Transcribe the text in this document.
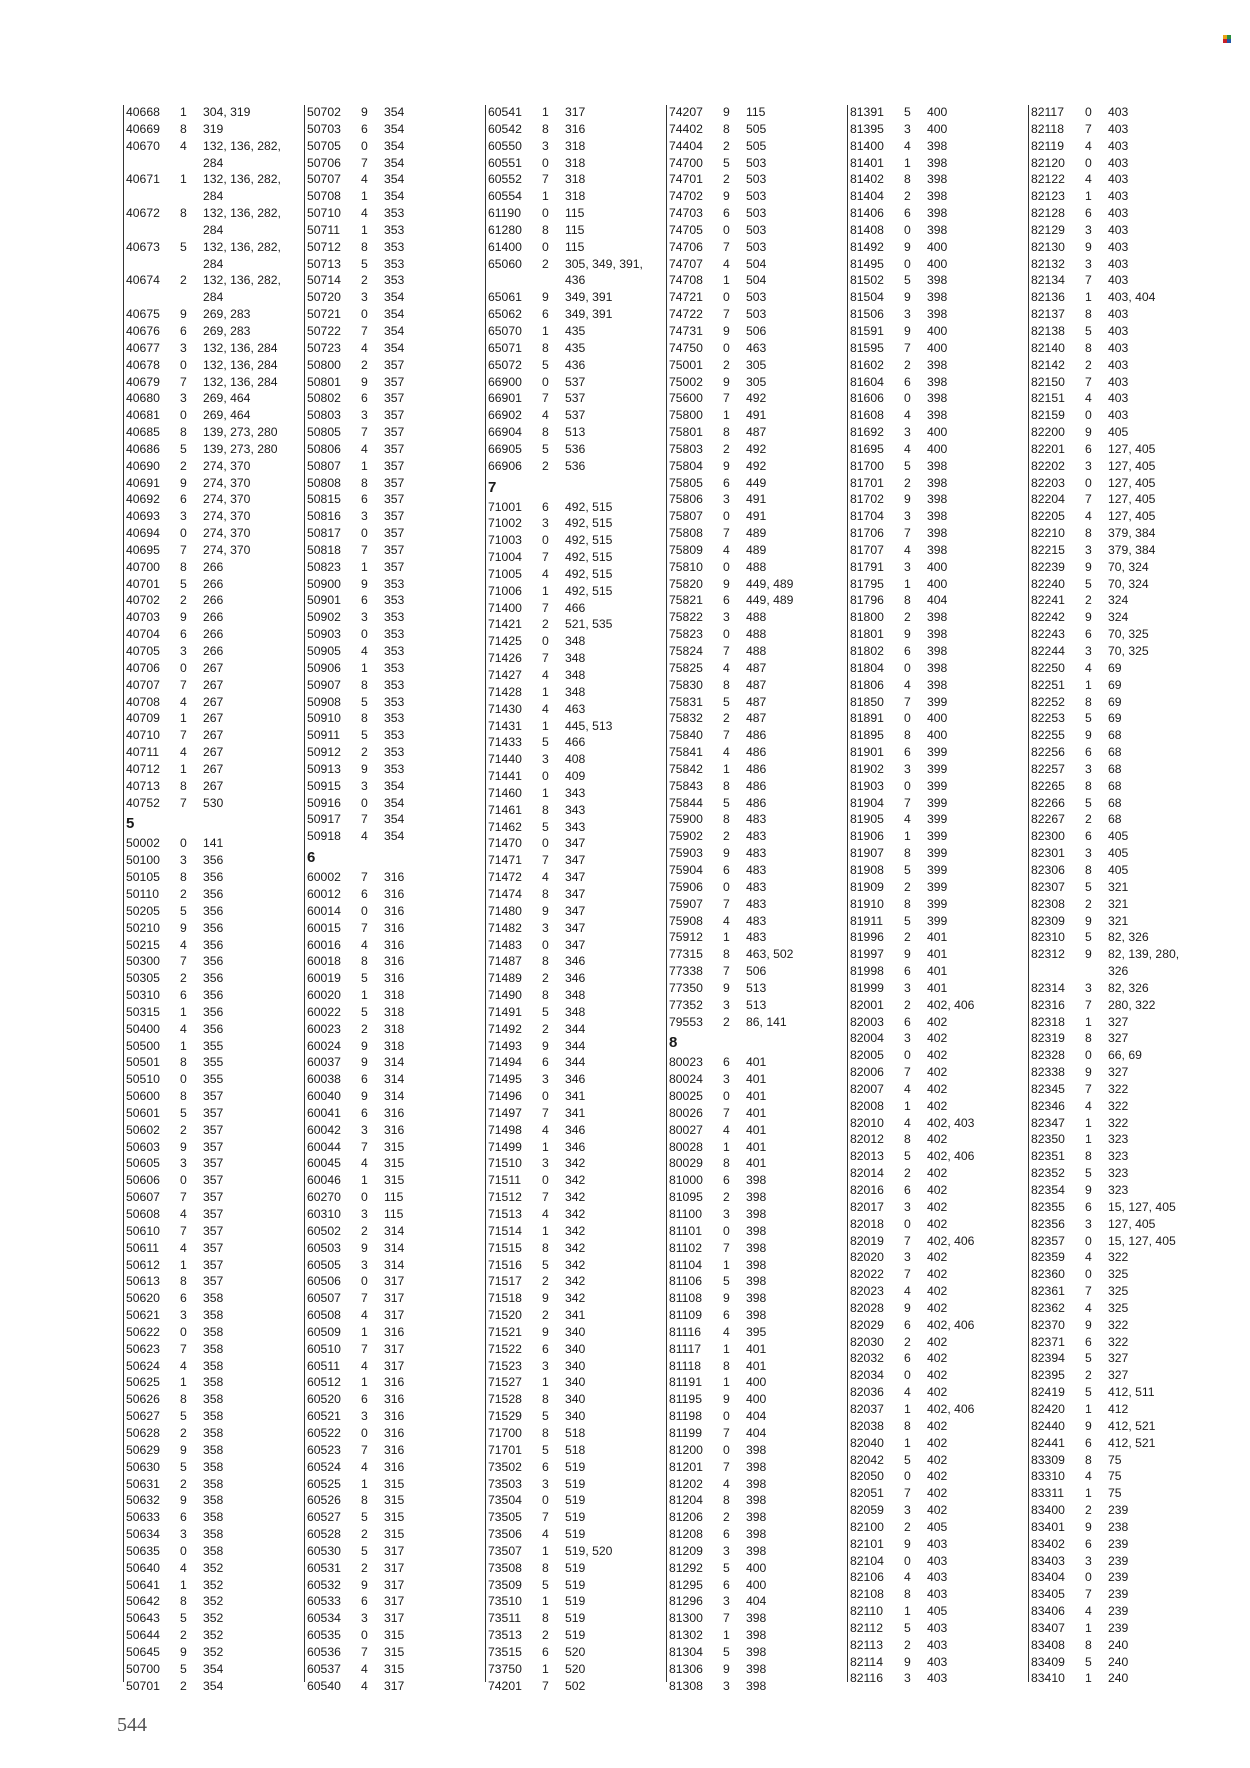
40668	1	304, 319
40669	8	319
40670	4	132, 136, 282, 284
40671	1	132, 136, 282, 284
40672	8	132, 136, 282, 284
40673	5	132, 136, 282, 284
40674	2	132, 136, 282, 284
40675	9	269, 283
40676	6	269, 283
40677	3	132, 136, 284
40678	0	132, 136, 284
40679	7	132, 136, 284
40680	3	269, 464
40681	0	269, 464
40685	8	139, 273, 280
40686	5	139, 273, 280
40690	2	274, 370
40691	9	274, 370
40692	6	274, 370
40693	3	274, 370
40694	0	274, 370
40695	7	274, 370
40700	8	266
40701	5	266
40702	2	266
40703	9	266
40704	6	266
40705	3	266
40706	0	267
40707	7	267
40708	4	267
40709	1	267
40710	7	267
40711	4	267
40712	1	267
40713	8	267
40752	7	530
5
50002	0	141
50100	3	356
50105	8	356
50110	2	356
50205	5	356
50210	9	356
50215	4	356
50300	7	356
50305	2	356
50310	6	356
50315	1	356
50400	4	356
50500	1	355
50501	8	355
50510	0	355
50600	8	357
50601	5	357
50602	2	357
50603	9	357
50605	3	357
50606	0	357
50607	7	357
50608	4	357
50610	7	357
50611	4	357
50612	1	357
50613	8	357
50620	6	358
50621	3	358
50622	0	358
50623	7	358
50624	4	358
50625	1	358
50626	8	358
50627	5	358
50628	2	358
50629	9	358
50630	5	358
50631	2	358
50632	9	358
50633	6	358
50634	3	358
50635	0	358
50640	4	352
50641	1	352
50642	8	352
50643	5	352
50644	2	352
50645	9	352
50700	5	354
50701	2	354
50702	9	354
50703	6	354
50705	0	354
50706	7	354
50707	4	354
50708	1	354
50710	4	353
50711	1	353
50712	8	353
50713	5	353
50714	2	353
50720	3	354
50721	0	354
50722	7	354
50723	4	354
50800	2	357
50801	9	357
50802	6	357
50803	3	357
50805	7	357
50806	4	357
50807	1	357
50808	8	357
50815	6	357
50816	3	357
50817	0	357
50818	7	357
50823	1	357
50900	9	353
50901	6	353
50902	3	353
50903	0	353
50905	4	353
50906	1	353
50907	8	353
50908	5	353
50910	8	353
50911	5	353
50912	2	353
50913	9	353
50915	3	354
50916	0	354
50917	7	354
50918	4	354
6
60002	7	316
60012	6	316
60014	0	316
60015	7	316
60016	4	316
60018	8	316
60019	5	316
60020	1	318
60022	5	318
60023	2	318
60024	9	318
60037	9	314
60038	6	314
60040	9	314
60041	6	316
60042	3	316
60044	7	315
60045	4	315
60046	1	315
60270	0	115
60310	3	115
60502	2	314
60503	9	314
60505	3	314
60506	0	317
60507	7	317
60508	4	317
60509	1	316
60510	7	317
60511	4	317
60512	1	316
60520	6	316
60521	3	316
60522	0	316
60523	7	316
60524	4	316
60525	1	315
60526	8	315
60527	5	315
60528	2	315
60530	5	317
60531	2	317
60532	9	317
60533	6	317
60534	3	317
60535	0	315
60536	7	315
60537	4	315
60540	4	317
60541	1	317
60542	8	316
60550	3	318
60551	0	318
60552	7	318
60554	1	318
61190	0	115
61280	8	115
61400	0	115
65060	2	305, 349, 391, 436
65061	9	349, 391
65062	6	349, 391
65070	1	435
65071	8	435
65072	5	436
66900	0	537
66901	7	537
66902	4	537
66904	8	513
66905	5	536
66906	2	536
7
71001	6	492, 515
71002	3	492, 515
71003	0	492, 515
71004	7	492, 515
71005	4	492, 515
71006	1	492, 515
71400	7	466
71421	2	521, 535
71425	0	348
71426	7	348
71427	4	348
71428	1	348
71430	4	463
71431	1	445, 513
71433	5	466
71440	3	408
71441	0	409
71460	1	343
71461	8	343
71462	5	343
71470	0	347
71471	7	347
71472	4	347
71474	8	347
71480	9	347
71482	3	347
71483	0	347
71487	8	346
71489	2	346
71490	8	348
71491	5	348
71492	2	344
71493	9	344
71494	6	344
71495	3	346
71496	0	341
71497	7	341
71498	4	346
71499	1	346
71510	3	342
71511	0	342
71512	7	342
71513	4	342
71514	1	342
71515	8	342
71516	5	342
71517	2	342
71518	9	342
71520	2	341
71521	9	340
71522	6	340
71523	3	340
71527	1	340
71528	8	340
71529	5	340
71700	8	518
71701	5	518
73502	6	519
73503	3	519
73504	0	519
73505	7	519
73506	4	519
73507	1	519, 520
73508	8	519
73509	5	519
73510	1	519
73511	8	519
73513	2	519
73515	6	520
73750	1	520
74201	7	502
74207	9	115
74402	8	505
74404	2	505
74700	5	503
74701	2	503
74702	9	503
74703	6	503
74705	0	503
74706	7	503
74707	4	504
74708	1	504
74721	0	503
74722	7	503
74731	9	506
74750	0	463
75001	2	305
75002	9	305
75600	7	492
75800	1	491
75801	8	487
75803	2	492
75804	9	492
75805	6	449
75806	3	491
75807	0	491
75808	7	489
75809	4	489
75810	0	488
75820	9	449, 489
75821	6	449, 489
75822	3	488
75823	0	488
75824	7	488
75825	4	487
75830	8	487
75831	5	487
75832	2	487
75840	7	486
75841	4	486
75842	1	486
75843	8	486
75844	5	486
75900	8	483
75902	2	483
75903	9	483
75904	6	483
75906	0	483
75907	7	483
75908	4	483
75912	1	483
77315	8	463, 502
77338	7	506
77350	9	513
77352	3	513
79553	2	86, 141
8
80023	6	401
80024	3	401
80025	0	401
80026	7	401
80027	4	401
80028	1	401
80029	8	401
81000	6	398
81095	2	398
81100	3	398
81101	0	398
81102	7	398
81104	1	398
81106	5	398
81108	9	398
81109	6	398
81116	4	395
81117	1	401
81118	8	401
81191	1	400
81195	9	400
81198	0	404
81199	7	404
81200	0	398
81201	7	398
81202	4	398
81204	8	398
81206	2	398
81208	6	398
81209	3	398
81292	5	400
81295	6	400
81296	3	404
81300	7	398
81302	1	398
81304	5	398
81306	9	398
81308	3	398
81391	5	400
81395	3	400
81400	4	398
81401	1	398
81402	8	398
81404	2	398
81406	6	398
81408	0	398
81492	9	400
81495	0	400
81502	5	398
81504	9	398
81506	3	398
81591	9	400
81595	7	400
81602	2	398
81604	6	398
81606	0	398
81608	4	398
81692	3	400
81695	4	400
81700	5	398
81701	2	398
81702	9	398
81704	3	398
81706	7	398
81707	4	398
81791	3	400
81795	1	400
81796	8	404
81800	2	398
81801	9	398
81802	6	398
81804	0	398
81806	4	398
81850	7	399
81891	0	400
81895	8	400
81901	6	399
81902	3	399
81903	0	399
81904	7	399
81905	4	399
81906	1	399
81907	8	399
81908	5	399
81909	2	399
81910	8	399
81911	5	399
81996	2	401
81997	9	401
81998	6	401
81999	3	401
82001	2	402, 406
82003	6	402
82004	3	402
82005	0	402
82006	7	402
82007	4	402
82008	1	402
82010	4	402, 403
82012	8	402
82013	5	402, 406
82014	2	402
82016	6	402
82017	3	402
82018	0	402
82019	7	402, 406
82020	3	402
82022	7	402
82023	4	402
82028	9	402
82029	6	402, 406
82030	2	402
82032	6	402
82034	0	402
82036	4	402
82037	1	402, 406
82038	8	402
82040	1	402
82042	5	402
82050	0	402
82051	7	402
82059	3	402
82100	2	405
82101	9	403
82104	0	403
82106	4	403
82108	8	403
82110	1	405
82112	5	403
82113	2	403
82114	9	403
82116	3	403
82117	0	403
82118	7	403
82119	4	403
82120	0	403
82122	4	403
82123	1	403
82128	6	403
82129	3	403
82130	9	403
82132	3	403
82134	7	403
82136	1	403, 404
82137	8	403
82138	5	403
82140	8	403
82142	2	403
82150	7	403
82151	4	403
82159	0	403
82200	9	405
82201	6	127, 405
82202	3	127, 405
82203	0	127, 405
82204	7	127, 405
82205	4	127, 405
82210	8	379, 384
82215	3	379, 384
82239	9	70, 324
82240	5	70, 324
82241	2	324
82242	9	324
82243	6	70, 325
82244	3	70, 325
82250	4	69
82251	1	69
82252	8	69
82253	5	69
82255	9	68
82256	6	68
82257	3	68
82265	8	68
82266	5	68
82267	2	68
82300	6	405
82301	3	405
82306	8	405
82307	5	321
82308	2	321
82309	9	321
82310	5	82, 326
82312	9	82, 139, 280, 326
82314	3	82, 326
82316	7	280, 322
82318	1	327
82319	8	327
82328	0	66, 69
82338	9	327
82345	7	322
82346	4	322
82347	1	322
82350	1	323
82351	8	323
82352	5	323
82354	9	323
82355	6	15, 127, 405
82356	3	127, 405
82357	0	15, 127, 405
82359	4	322
82360	0	325
82361	7	325
82362	4	325
82370	9	322
82371	6	322
82394	5	327
82395	2	327
82419	5	412, 511
82420	1	412
82440	9	412, 521
82441	6	412, 521
83309	8	75
83310	4	75
83311	1	75
83400	2	239
83401	9	238
83402	6	239
83403	3	239
83404	0	239
83405	7	239
83406	4	239
83407	1	239
83408	8	240
83409	5	240
83410	1	240
544
